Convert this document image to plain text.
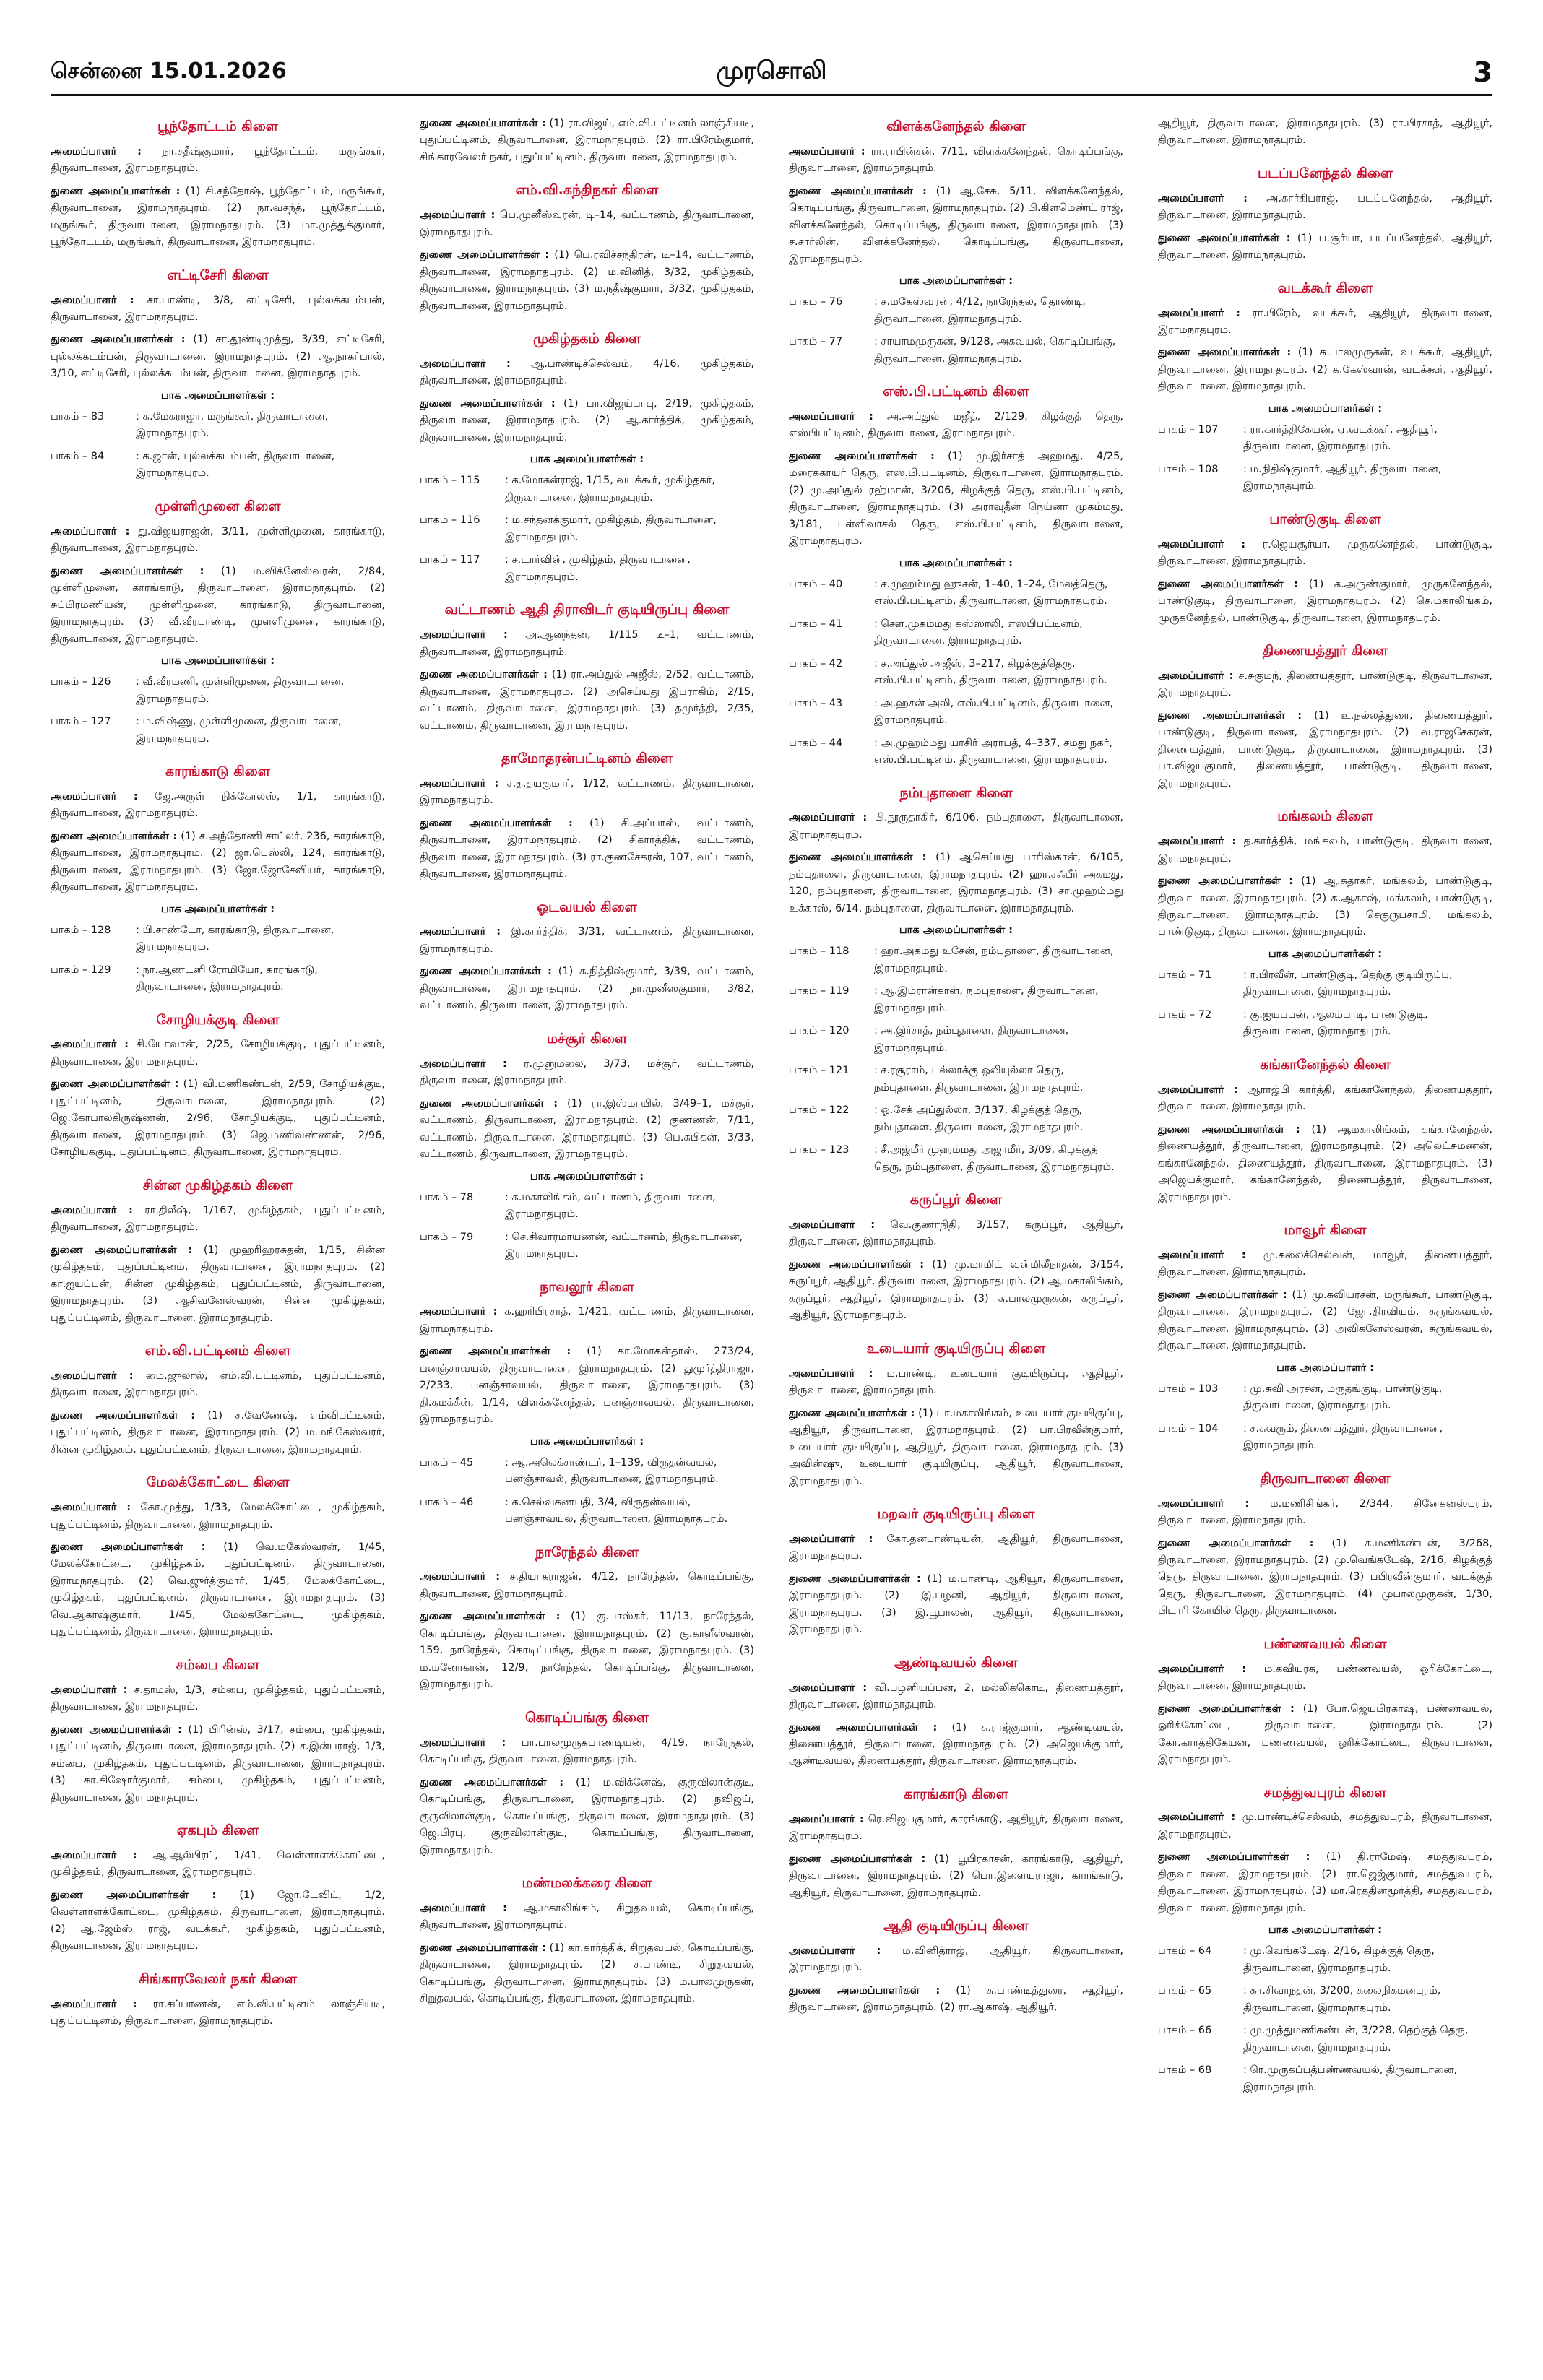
சென்னை 15.01.2026	முரசொலி	3
பூந்தோட்டம் கிளை

அமைப்பாளர் : நா.சதீஷ்குமார், பூந்தோட்டம், மருங்கூர், திருவாடானை, இராமநாதபுரம்.

துணை அமைப்பாளர்கள் : (1) சி.சந்தோஷ், பூந்தோட்டம், மருங்கூர், திருவாடானை, இராமநாதபுரம். (2) நா.வசந்த், பூந்தோட்டம், மருங்கூர், திருவாடானை, இராமநாதபுரம். (3) மா.முத்துக்குமார், பூந்தோட்டம், மருங்கூர், திருவாடானை, இராமநாதபுரம்.

எட்டிசேரி கிளை

அமைப்பாளர் : சா.பாண்டி, 3/8, எட்டிசேரி, புல்லக்கடம்பன், திருவாடானை, இராமநாதபுரம்.

துணை அமைப்பாளர்கள் : (1) சா.தூண்டிமுத்து, 3/39, எட்டிசேரி, புல்லக்கடம்பன், திருவாடானை, இராமநாதபுரம். (2) ஆ.நாகர்பால், 3/10, எட்டிசேரி, புல்லக்கடம்பன், திருவாடானை, இராமநாதபுரம்.

பாக அமைப்பாளர்கள் :
பாகம் – 83	: சு.மேகராஜா, மருங்கூர், திருவாடானை, இராமநாதபுரம்.
பாகம் – 84	: க.ஜான், புல்லக்கடம்பன், திருவாடானை, இராமநாதபுரம்.
முள்ளிமுனை கிளை

அமைப்பாளர் : து.விஜயராஜன், 3/11, முள்ளிமுனை, காரங்காடு, திருவாடானை, இராமநாதபுரம்.

துணை அமைப்பாளர்கள் : (1) ம.விக்னேஸ்வரன், 2/84, முள்ளிமுனை, காரங்காடு, திருவாடானை, இராமநாதபுரம். (2) சுப்பிரமணியன், முள்ளிமுனை, காரங்காடு, திருவாடானை, இராமநாதபுரம். (3) வீ.வீரபாண்டி, முள்ளிமுனை, காரங்காடு, திருவாடானை, இராமநாதபுரம்.

பாக அமைப்பாளர்கள் :
பாகம் – 126	: வீ.வீரமணி, முள்ளிமுனை, திருவாடானை, இராமநாதபுரம்.
பாகம் – 127	: ம.விஷ்ணு, முள்ளிமுனை, திருவாடானை, இராமநாதபுரம்.
காரங்காடு கிளை

அமைப்பாளர் : ஜே.அருள் நிக்கோலஸ், 1/1, காரங்காடு, திருவாடானை, இராமநாதபுரம்.

துணை அமைப்பாளர்கள் : (1) ச.அந்தோணி சாட்லர், 236, காரங்காடு, திருவாடானை, இராமநாதபுரம். (2) ஜா.பெஸ்லி, 124, காரங்காடு, திருவாடானை, இராமநாதபுரம். (3) ஜோ.ஜோசேவியர், காரங்காடு, திருவாடானை, இராமநாதபுரம்.

பாக அமைப்பாளர்கள் :
பாகம் – 128	: பி.சாண்டோ, காரங்காடு, திருவாடானை, இராமநாதபுரம்.
பாகம் – 129	: நா.ஆண்டனி ரோமியோ, காரங்காடு, திருவாடானை, இராமநாதபுரம்.
சோழியக்குடி கிளை

அமைப்பாளர் : சி.யோவான், 2/25, சோழியக்குடி, புதுப்பட்டினம், திருவாடானை, இராமநாதபுரம்.

துணை அமைப்பாளர்கள் : (1) வி.மணிகண்டன், 2/59, சோழியக்குடி, புதுப்பட்டினம், திருவாடானை, இராமநாதபுரம். (2) ஜெ.கோபாலகிருஷ்ணன், 2/96, சோழியக்குடி, புதுப்பட்டினம், திருவாடானை, இராமநாதபுரம். (3) ஜெ.மணிவண்ணன், 2/96, சோழியக்குடி, புதுப்பட்டினம், திருவாடானை, இராமநாதபுரம்.

சின்ன முகிழ்தகம் கிளை

அமைப்பாளர் : ரா.திலீஷ், 1/167, முகிழ்தகம், புதுப்பட்டினம், திருவாடானை, இராமநாதபுரம்.

துணை அமைப்பாளர்கள் : (1) முஹரிஹரசுதன், 1/15, சின்ன முகிழ்தகம், புதுப்பட்டினம், திருவாடானை, இராமநாதபுரம். (2) கா.ஐயப்பன், சின்ன முகிழ்தகம், புதுப்பட்டினம், திருவாடானை, இராமநாதபுரம். (3) ஆசிவனேஸ்வரன், சின்ன முகிழ்தகம், புதுப்பட்டினம், திருவாடானை, இராமநாதபுரம்.

எம்.வி.பட்டினம் கிளை

அமைப்பாளர் : மை.ஜுலால், எம்.வி.பட்டினம், புதுப்பட்டினம், திருவாடானை, இராமநாதபுரம்.

துணை அமைப்பாளர்கள் : (1) ச.வேணேஷ், எம்விபட்டினம், புதுப்பட்டினம், திருவாடானை, இராமநாதபுரம். (2) ம.மங்கேஸ்வரர், சின்ன முகிழ்தகம், புதுப்பட்டினம், திருவாடானை, இராமநாதபுரம்.

மேலக்கோட்டை கிளை

அமைப்பாளர் : கோ.முத்து, 1/33, மேலக்கோட்டை, முகிழ்தகம், புதுப்பட்டினம், திருவாடானை, இராமநாதபுரம்.

துணை அமைப்பாளர்கள் : (1) வெ.மகேஸ்வரன், 1/45, மேலக்கோட்டை, முகிழ்தகம், புதுப்பட்டினம், திருவாடானை, இராமநாதபுரம். (2) வெ.ஜுர்த்குமார், 1/45, மேலக்கோட்டை, முகிழ்தகம், புதுப்பட்டினம், திருவாடானை, இராமநாதபுரம். (3) வெ.ஆகாஷ்குமார், 1/45, மேலக்கோட்டை, முகிழ்தகம், புதுப்பட்டினம், திருவாடானை, இராமநாதபுரம்.

சம்பை கிளை

அமைப்பாளர் : ச.தாமஸ், 1/3, சம்பை, முகிழ்தகம், புதுப்பட்டினம், திருவாடானை, இராமநாதபுரம்.

துணை அமைப்பாளர்கள் : (1) பிரின்ஸ், 3/17, சம்பை, முகிழ்தகம், புதுப்பட்டினம், திருவாடானை, இராமநாதபுரம். (2) ச.இன்பராஜ், 1/3, சம்பை, முகிழ்தகம், புதுப்பட்டினம், திருவாடானை, இராமநாதபுரம். (3) கா.கிஷோர்குமார், சம்பை, முகிழ்தகம், புதுப்பட்டினம், திருவாடானை, இராமநாதபுரம்.

ஏகபும் கிளை

அமைப்பாளர் : ஆ.ஆல்பிரட், 1/41, வெள்ளாளக்கோட்டை, முகிழ்தகம், திருவாடானை, இராமநாதபுரம்.

துணை அமைப்பாளர்கள் : (1) ஜோ.டேவிட், 1/2, வெள்ளாளக்கோட்டை, முகிழ்தகம், திருவாடானை, இராமநாதபுரம். (2) ஆ.ஜேம்ஸ் ராஜ், வடக்கூர், முகிழ்தகம், புதுப்பட்டினம், திருவாடானை, இராமநாதபுரம்.

சிங்காரவேலர் நகர் கிளை

அமைப்பாளர் : ரா.சப்பாணன், எம்.வி.பட்டினம் லாஞ்சியடி, புதுப்பட்டினம், திருவாடானை, இராமநாதபுரம்.

துணை அமைப்பாளர்கள் : (1) ரா.விஜய், எம்.வி.பட்டினம் லாஞ்சியடி, புதுப்பட்டினம், திருவாடானை, இராமநாதபுரம். (2) ரா.பிரேம்குமார், சிங்காரவேலர் நகர், புதுப்பட்டினம், திருவாடானை, இராமநாதபுரம்.

எம்.வி.கந்திநகர் கிளை

அமைப்பாளர் : பெ.முனீஸ்வரன், டி–14, வட்டாணம், திருவாடானை, இராமநாதபுரம்.

துணை அமைப்பாளர்கள் : (1) பெ.ரவிச்சந்திரன், டி–14, வட்டாணம், திருவாடானை, இராமநாதபுரம். (2) ம.வினித், 3/32, முகிழ்தகம், திருவாடானை, இராமநாதபுரம். (3) ம.நதீஷ்குமார், 3/32, முகிழ்தகம், திருவாடானை, இராமநாதபுரம்.

முகிழ்தகம் கிளை

அமைப்பாளர் : ஆ.பாண்டிச்செல்வம், 4/16, முகிழ்தகம், திருவாடானை, இராமநாதபுரம்.

துணை அமைப்பாளர்கள் : (1) பா.விஜய்பாபு, 2/19, முகிழ்தகம், திருவாடானை, இராமநாதபுரம். (2) ஆ.கார்த்திக், முகிழ்தகம், திருவாடானை, இராமநாதபுரம்.

பாக அமைப்பாளர்கள் :
பாகம் – 115	: க.மோகன்ராஜ், 1/15, வடக்கூர், முகிழ்தகர், திருவாடானை, இராமநாதபுரம்.
பாகம் – 116	: ம.சந்தனக்குமார், முகிழ்தம், திருவாடானை, இராமநாதபுரம்.
பாகம் – 117	: ச.டார்வின், முகிழ்தம், திருவாடானை, இராமநாதபுரம்.
வட்டாணம் ஆதி திராவிடர் குடியிருப்பு கிளை

அமைப்பாளர் : அ.ஆனந்தன், 1/115 டீ–1, வட்டாணம், திருவாடானை, இராமநாதபுரம்.

துணை அமைப்பாளர்கள் : (1) ரா.அப்துல் அஜீஸ், 2/52, வட்டாணம், திருவாடானை, இராமநாதபுரம். (2) அசெய்யது இப்ராகிம், 2/15, வட்டாணம், திருவாடானை, இராமநாதபுரம். (3) தமுர்த்தி, 2/35, வட்டாணம், திருவாடானை, இராமநாதபுரம்.

தாமோதரன்பட்டினம் கிளை

அமைப்பாளர் : ச.த.தயகுமார், 1/12, வட்டாணம், திருவாடானை, இராமநாதபுரம்.

துணை அமைப்பாளர்கள் : (1) சி.அப்பாஸ், வட்டாணம், திருவாடானை, இராமநாதபுரம். (2) சிகார்த்திக், வட்டாணம், திருவாடானை, இராமநாதபுரம். (3) ரா.குணசேகரன், 107, வட்டாணம், திருவாடானை, இராமநாதபுரம்.

ஓடவயல் கிளை

அமைப்பாளர் : இ.கார்த்திக், 3/31, வட்டாணம், திருவாடானை, இராமநாதபுரம்.

துணை அமைப்பாளர்கள் : (1) க.நித்திஷ்குமார், 3/39, வட்டாணம், திருவாடானை, இராமநாதபுரம். (2) நா.முனீஸ்குமார், 3/82, வட்டாணம், திருவாடானை, இராமநாதபுரம்.

மச்சூர் கிளை

அமைப்பாளர் : ர.முனுமலை, 3/73, மச்சூர், வட்டாணம், திருவாடானை, இராமநாதபுரம்.

துணை அமைப்பாளர்கள் : (1) ரா.இஸ்மாயில், 3/49–1, மச்சூர், வட்டாணம், திருவாடானை, இராமநாதபுரம். (2) குணணன், 7/11, வட்டாணம், திருவாடானை, இராமநாதபுரம். (3) பெ.சுபிகன், 3/33, வட்டாணம், திருவாடானை, இராமநாதபுரம்.

பாக அமைப்பாளர்கள் :
பாகம் – 78	: க.மகாலிங்கம், வட்டாணம், திருவாடானை, இராமநாதபுரம்.
பாகம் – 79	: செ.சிவாரமாயணன், வட்டாணம், திருவாடானை, இராமநாதபுரம்.
நாவலூர் கிளை

அமைப்பாளர் : க.ஹரிபிரசாத், 1/421, வட்டாணம், திருவாடானை, இராமநாதபுரம்.

துணை அமைப்பாளர்கள் : (1) கா.மோகன்தாஸ், 273/24, பனஞ்சாவயல், திருவாடானை, இராமநாதபுரம். (2) துமுர்த்திராஜா, 2/233, பனஞ்சாவயல், திருவாடானை, இராமநாதபுரம். (3) தி.சுமக்கீன், 1/14, விளக்கனேந்தல், பனஞ்சாவயல், திருவாடானை, இராமநாதபுரம்.

பாக அமைப்பாளர்கள் :
பாகம் – 45	: ஆ.அலெக்சாண்டர், 1–139, விருதன்வயல், பனஞ்சாவல், திருவாடானை, இராமநாதபுரம்.
பாகம் – 46	: க.செல்வகணபதி, 3/4, விருதன்வயல், பனஞ்சாவயல், திருவாடானை, இராமநாதபுரம்.
நாரேந்தல் கிளை

அமைப்பாளர் : ச.தியாகராஜன், 4/12, நாரேந்தல், கொடிப்பங்கு, திருவாடானை, இராமநாதபுரம்.

துணை அமைப்பாளர்கள் : (1) கு.பாஸ்கர், 11/13, நாரேந்தல், கொடிப்பங்கு, திருவாடானை, இராமநாதபுரம். (2) கு.காளீஸ்வரன், 159, நாரேந்தல், கொடிப்பங்கு, திருவாடானை, இராமநாதபுரம். (3) ம.மனோகரன், 12/9, நாரேந்தல், கொடிப்பங்கு, திருவாடானை, இராமநாதபுரம்.

கொடிப்பங்கு கிளை

அமைப்பாளர் : பா.பாலமுருகபாண்டியன், 4/19, நாரேந்தல், கொடிப்பங்கு, திருவாடானை, இராமநாதபுரம்.

துணை அமைப்பாளர்கள் : (1) ம.விக்னேஷ், குருவிலான்குடி, கொடிப்பங்கு, திருவாடானை, இராமநாதபுரம். (2) நவிஜய், குருவிலான்குடி, கொடிப்பங்கு, திருவாடானை, இராமநாதபுரம். (3) ஜெ.பிரபு, குருவிலான்குடி, கொடிப்பங்கு, திருவாடானை, இராமநாதபுரம்.

மண்மலக்கரை கிளை

அமைப்பாளர் : ஆ.மகாலிங்கம், சிறுதவயல், கொடிப்பங்கு, திருவாடானை, இராமநாதபுரம்.

துணை அமைப்பாளர்கள் : (1) கா.கார்த்திக், சிறுதவயல், கொடிப்பங்கு, திருவாடானை, இராமநாதபுரம். (2) ச.பாண்டி, சிறுதவயல், கொடிப்பங்கு, திருவாடானை, இராமநாதபுரம். (3) ம.பாலமுருகன், சிறுதவயல், கொடிப்பங்கு, திருவாடானை, இராமநாதபுரம்.

விளக்கனேந்தல் கிளை

அமைப்பாளர் : ரா.ராபின்சன், 7/11, விளக்கனேந்தல், கொடிப்பங்கு, திருவாடானை, இராமநாதபுரம்.

துணை அமைப்பாளர்கள் : (1) ஆ.சேசு, 5/11, விளக்கனேந்தல், கொடிப்பங்கு, திருவாடானை, இராமநாதபுரம். (2) பி.கிளமெண்ட் ராஜ், விளக்கனேந்தல், கொடிப்பங்கு, திருவாடானை, இராமநாதபுரம். (3) ச.சார்லின், விளக்கனேந்தல், கொடிப்பங்கு, திருவாடானை, இராமநாதபுரம்.

பாக அமைப்பாளர்கள் :
பாகம் – 76	: ச.மகேஸ்வரன், 4/12, நாரேந்தல், தொண்டி, திருவாடானை, இராமநாதபுரம்.
பாகம் – 77	: சாயாமமுருகன், 9/128, அகவயல், கொடிப்பங்கு, திருவாடானை, இராமநாதபுரம்.
எஸ்.பி.பட்டினம் கிளை

அமைப்பாளர் : அ.அப்துல் மஜீத், 2/129, கிழக்குத் தெரு, எஸ்பிபட்டினம், திருவாடானை, இராமநாதபுரம்.

துணை அமைப்பாளர்கள் : (1) மு.இர்சாத் அஹமது, 4/25, மரைக்காயர் தெரு, எஸ்.பி.பட்டினம், திருவாடானை, இராமநாதபுரம். (2) மு.அப்துல் ரஹ்மான், 3/206, கிழக்குத் தெரு, எஸ்.பி.பட்டினம், திருவாடானை, இராமநாதபுரம். (3) அராவுதீன் நெய்னா முகம்மது, 3/181, பள்ளிவாசல் தெரு, எஸ்.பி.பட்டினம், திருவாடானை, இராமநாதபுரம்.

பாக அமைப்பாளர்கள் :
பாகம் – 40	: ச.முஹம்மது ஹுசன், 1–40, 1–24, மேலத்தெரு, எஸ்.பி.பட்டினம், திருவாடானை, இராமநாதபுரம்.
பாகம் – 41	: சௌ.முகம்மது கஸ்ஸாலி, எஸ்பிபட்டினம், திருவாடானை, இராமநாதபுரம்.
பாகம் – 42	: ச.அப்துல் அஜீஸ், 3–217, கிழக்குத்தெரு, எஸ்.பி.பட்டினம், திருவாடானை, இராமநாதபுரம்.
பாகம் – 43	: அ.ஹசன் அலி, எஸ்.பி.பட்டினம், திருவாடானை, இராமநாதபுரம்.
பாகம் – 44	: அ.முஹம்மது யாசிர் அராபத், 4–337, சமது நகர், எஸ்.பி.பட்டினம், திருவாடானை, இராமநாதபுரம்.
நம்புதாளை கிளை

அமைப்பாளர் : பி.நூருதாகிர், 6/106, நம்புதாளை, திருவாடானை, இராமநாதபுரம்.

துணை அமைப்பாளர்கள் : (1) ஆசெய்யது பாரிஸ்கான், 6/105, நம்புதாளை, திருவாடானை, இராமநாதபுரம். (2) ஹா.சஃபீர் அகமது, 120, நம்புதாளை, திருவாடானை, இராமநாதபுரம். (3) சா.முஹம்மது உக்காஸ், 6/14, நம்புதாளை, திருவாடானை, இராமநாதபுரம்.

பாக அமைப்பாளர்கள் :
பாகம் – 118	: ஹா.அகமது உசேன், நம்புதாளை, திருவாடானை, இராமநாதபுரம்.
பாகம் – 119	: ஆ.இம்ரான்கான், நம்புதாளை, திருவாடானை, இராமநாதபுரம்.
பாகம் – 120	: அ.இர்சாத், நம்புதாளை, திருவாடானை, இராமநாதபுரம்.
பாகம் – 121	: ச.ரசூராம், பல்லாக்கு ஒலியுல்லா தெரு, நம்புதாளை, திருவாடானை, இராமநாதபுரம்.
பாகம் – 122	: ஓ.சேக் அப்துல்லா, 3/137, கிழக்குத் தெரு, நம்புதாளை, திருவாடானை, இராமநாதபுரம்.
பாகம் – 123	: சீ.அஜ்மீர் முஹம்மது அஜாமீர், 3/09, கிழக்குத் தெரு, நம்புதாளை, திருவாடானை, இராமநாதபுரம்.
கருப்பூர் கிளை

அமைப்பாளர் : வெ.குணாநிதி, 3/157, கருப்பூர், ஆதியூர், திருவாடானை, இராமநாதபுரம்.

துணை அமைப்பாளர்கள் : (1) மு.மாமிட் வன்மிலீநாதன், 3/154, கருப்பூர், ஆதியூர், திருவாடானை, இராமநாதபுரம். (2) ஆ.மகாலிங்கம், கருப்பூர், ஆதியூர், இராமநாதபுரம். (3) சு.பாலமுருகன், கருப்பூர், ஆதியூர், இராமநாதபுரம்.

உடையார் குடியிருப்பு கிளை

அமைப்பாளர் : ம.பாண்டி, உடையார் குடியிருப்பு, ஆதியூர், திருவாடானை, இராமநாதபுரம்.

துணை அமைப்பாளர்கள் : (1) பா.மகாலிங்கம், உடையார் குடியிருப்பு, ஆதியூர், திருவாடானை, இராமநாதபுரம். (2) பா.பிரவீன்குமார், உடையார் குடியிருப்பு, ஆதியூர், திருவாடானை, இராமநாதபுரம். (3) அவின்ஷு, உடையார் குடியிருப்பு, ஆதியூர், திருவாடானை, இராமநாதபுரம்.

மறவர் குடியிருப்பு கிளை

அமைப்பாளர் : கோ.தனபாண்டியன், ஆதியூர், திருவாடானை, இராமநாதபுரம்.

துணை அமைப்பாளர்கள் : (1) ம.பாண்டி, ஆதியூர், திருவாடானை, இராமநாதபுரம். (2) இ.பழனி, ஆதியூர், திருவாடானை, இராமநாதபுரம். (3) இ.பூபாலன், ஆதியூர், திருவாடானை, இராமநாதபுரம்.

ஆண்டிவயல் கிளை

அமைப்பாளர் : வி.பழனியப்பன், 2, மல்லிக்கொடி, திணையத்தூர், திருவாடானை, இராமநாதபுரம்.

துணை அமைப்பாளர்கள் : (1) சு.ராஜ்குமார், ஆண்டிவயல், திணையத்தூர், திருவாடானை, இராமநாதபுரம். (2) அஜெயக்குமார், ஆண்டிவயல், திணையத்தூர், திருவாடானை, இராமநாதபுரம்.

காரங்காடு கிளை

அமைப்பாளர் : ரெ.விஜயகுமார், காரங்காடு, ஆதியூர், திருவாடானை, இராமநாதபுரம்.

துணை அமைப்பாளர்கள் : (1) பூபிரகாசன், காரங்காடு, ஆதியூர், திருவாடானை, இராமநாதபுரம். (2) பொ.இளையராஜா, காரங்காடு, ஆதியூர், திருவாடானை, இராமநாதபுரம்.

ஆதி குடியிருப்பு கிளை

அமைப்பாளர் : ம.வினித்ராஜ், ஆதியூர், திருவாடானை, இராமநாதபுரம்.

துணை அமைப்பாளர்கள் : (1) சு.பாண்டித்துரை, ஆதியூர், திருவாடானை, இராமநாதபுரம். (2) ரா.ஆகாஷ், ஆதியூர்,

ஆதியூர், திருவாடானை, இராமநாதபுரம். (3) ரா.பிரசாத், ஆதியூர், திருவாடானை, இராமநாதபுரம்.

படப்பனேந்தல் கிளை

அமைப்பாளர் : அ.கார்கிபராஜ், படப்பனேந்தல், ஆதியூர், திருவாடானை, இராமநாதபுரம்.

துணை அமைப்பாளர்கள் : (1) ப.சூர்யா, படப்பனேந்தல், ஆதியூர், திருவாடானை, இராமநாதபுரம்.

வடக்கூர் கிளை

அமைப்பாளர் : ரா.பிரேம், வடக்கூர், ஆதியூர், திருவாடானை, இராமநாதபுரம்.

துணை அமைப்பாளர்கள் : (1) சு.பாலமுருகன், வடக்கூர், ஆதியூர், திருவாடானை, இராமநாதபுரம். (2) க.கேஸ்வரன், வடக்கூர், ஆதியூர், திருவாடானை, இராமநாதபுரம்.

பாக அமைப்பாளர்கள் :
பாகம் – 107	: ரா.கார்த்திகேயன், ஏ.வடக்கூர், ஆதியூர், திருவாடானை, இராமநாதபுரம்.
பாகம் – 108	: ம.நிதிஷ்குமார், ஆதியூர், திருவாடானை, இராமநாதபுரம்.
பாண்டுகுடி கிளை

அமைப்பாளர் : ர.ஜெயசூர்யா, முருகனேந்தல், பாண்டுகுடி, திருவாடானை, இராமநாதபுரம்.

துணை அமைப்பாளர்கள் : (1) க.அருண்குமார், முருகனேந்தல், பாண்டுகுடி, திருவாடானை, இராமநாதபுரம். (2) செ.மகாலிங்கம், முருகனேந்தல், பாண்டுகுடி, திருவாடானை, இராமநாதபுரம்.

திணையத்தூர் கிளை

அமைப்பாளர் : ச.சுகுமந், திணையத்தூர், பாண்டுகுடி, திருவாடானை, இராமநாதபுரம்.

துணை அமைப்பாளர்கள் : (1) உ.நல்லத்துரை, திணையத்தூர், பாண்டுகுடி, திருவாடானை, இராமநாதபுரம். (2) வ.ராஜசேகரன், திணையத்தூர், பாண்டுகுடி, திருவாடானை, இராமநாதபுரம். (3) பா.விஜயகுமார், திணையத்தூர், பாண்டுகுடி, திருவாடானை, இராமநாதபுரம்.

மங்கலம் கிளை

அமைப்பாளர் : த.கார்த்திக், மங்கலம், பாண்டுகுடி, திருவாடானை, இராமநாதபுரம்.

துணை அமைப்பாளர்கள் : (1) ஆ.சுதாகர், மங்கலம், பாண்டுகுடி, திருவாடானை, இராமநாதபுரம். (2) சு.ஆகாஷ், மங்கலம், பாண்டுகுடி, திருவாடானை, இராமநாதபுரம். (3) செகுருபசாமி, மங்கலம், பாண்டுகுடி, திருவாடானை, இராமநாதபுரம்.

பாக அமைப்பாளர்கள் :
பாகம் – 71	: ர.பிரவீன், பாண்டுகுடி, தெற்கு குடியிருப்பு, திருவாடானை, இராமநாதபுரம்.
பாகம் – 72	: கு.ஐயப்பன், ஆலம்பாடி, பாண்டுகுடி, திருவாடானை, இராமநாதபுரம்.
கங்கானேந்தல் கிளை

அமைப்பாளர் : ஆராஜ்பி கார்த்தி, கங்கானேந்தல், திணையத்தூர், திருவாடானை, இராமநாதபுரம்.

துணை அமைப்பாளர்கள் : (1) ஆமகாலிங்கம், கங்கானேந்தல், திணையத்தூர், திருவாடானை, இராமநாதபுரம். (2) அலெட்சுமணன், கங்கானேந்தல், திணையத்தூர், திருவாடானை, இராமநாதபுரம். (3) அஜெயக்குமார், கங்கானேந்தல், திணையத்தூர், திருவாடானை, இராமநாதபுரம்.

மாவூர் கிளை

அமைப்பாளர் : மு.கலைச்செல்வன், மாவூர், திணையத்தூர், திருவாடானை, இராமநாதபுரம்.

துணை அமைப்பாளர்கள் : (1) மு.சுவியரசன், மருங்கூர், பாண்டுகுடி, திருவாடானை, இராமநாதபுரம். (2) ஜோ.திரவியம், சுருங்கவயல், திருவாடானை, இராமநாதபுரம். (3) அவிக்னேஸ்வரன், சுருங்கவயல், திருவாடானை, இராமநாதபுரம்.

பாக அமைப்பாளர் :
பாகம் – 103	: மு.சுவி அரசன், மருதங்குடி, பாண்டுகுடி, திருவாடானை, இராமநாதபுரம்.
பாகம் – 104	: ச.சுவரும், திணையத்தூர், திருவாடானை, இராமநாதபுரம்.
திருவாடானை கிளை

அமைப்பாளர் : ம.மணிசிங்கர், 2/344, சினேகன்ஸ்புரம், திருவாடானை, இராமநாதபுரம்.

துணை அமைப்பாளர்கள் : (1) சு.மணிகண்டன், 3/268, திருவாடானை, இராமநாதபுரம். (2) மு.வெங்கடேஷ், 2/16, கிழக்குத் தெரு, திருவாடானை, இராமநாதபுரம். (3) பபிரவீன்குமார், வடக்குத் தெரு, திருவாடானை, இராமநாதபுரம். (4) முபாலமுருகன், 1/30, பிடாரி கோயில் தெரு, திருவாடானை.

பண்ணவயல் கிளை

அமைப்பாளர் : ம.கவியரசு, பண்ணவயல், ஓரிக்கோட்டை, திருவாடானை, இராமநாதபுரம்.

துணை அமைப்பாளர்கள் : (1) போ.ஜெயபிரகாஷ், பண்ணவயல், ஓரிக்கோட்டை, திருவாடானை, இராமநாதபுரம். (2) கோ.கார்த்திகேயன், பண்ணவயல், ஓரிக்கோட்டை, திருவாடானை, இராமநாதபுரம்.

சமத்துவபுரம் கிளை

அமைப்பாளர் : மு.பாண்டிச்செல்வம், சமத்துவபுரம், திருவாடானை, இராமநாதபுரம்.

துணை அமைப்பாளர்கள் : (1) தி.ராமேஷ், சமத்துவபுரம், திருவாடானை, இராமநாதபுரம். (2) ரா.ஜெஜ்குமார், சமத்துவபுரம், திருவாடானை, இராமநாதபுரம். (3) மா.ரெத்தினமூர்த்தி, சமத்துவபுரம், திருவாடானை, இராமநாதபுரம்.

பாக அமைப்பாளர்கள் :
பாகம் – 64	: மு.வெங்கடேஷ், 2/16, கிழக்குத் தெரு, திருவாடானை, இராமநாதபுரம்.
பாகம் – 65	: கா.சிவாநதன், 3/200, கலைநிகமனபுரம், திருவாடானை, இராமநாதபுரம்.
பாகம் – 66	: மு.முத்துமணிகண்டன், 3/228, தெற்குத் தெரு, திருவாடானை, இராமநாதபுரம்.
பாகம் – 68	: ரெ.முருகப்பத்பண்ணவயல், திருவாடானை, இராமநாதபுரம்.
